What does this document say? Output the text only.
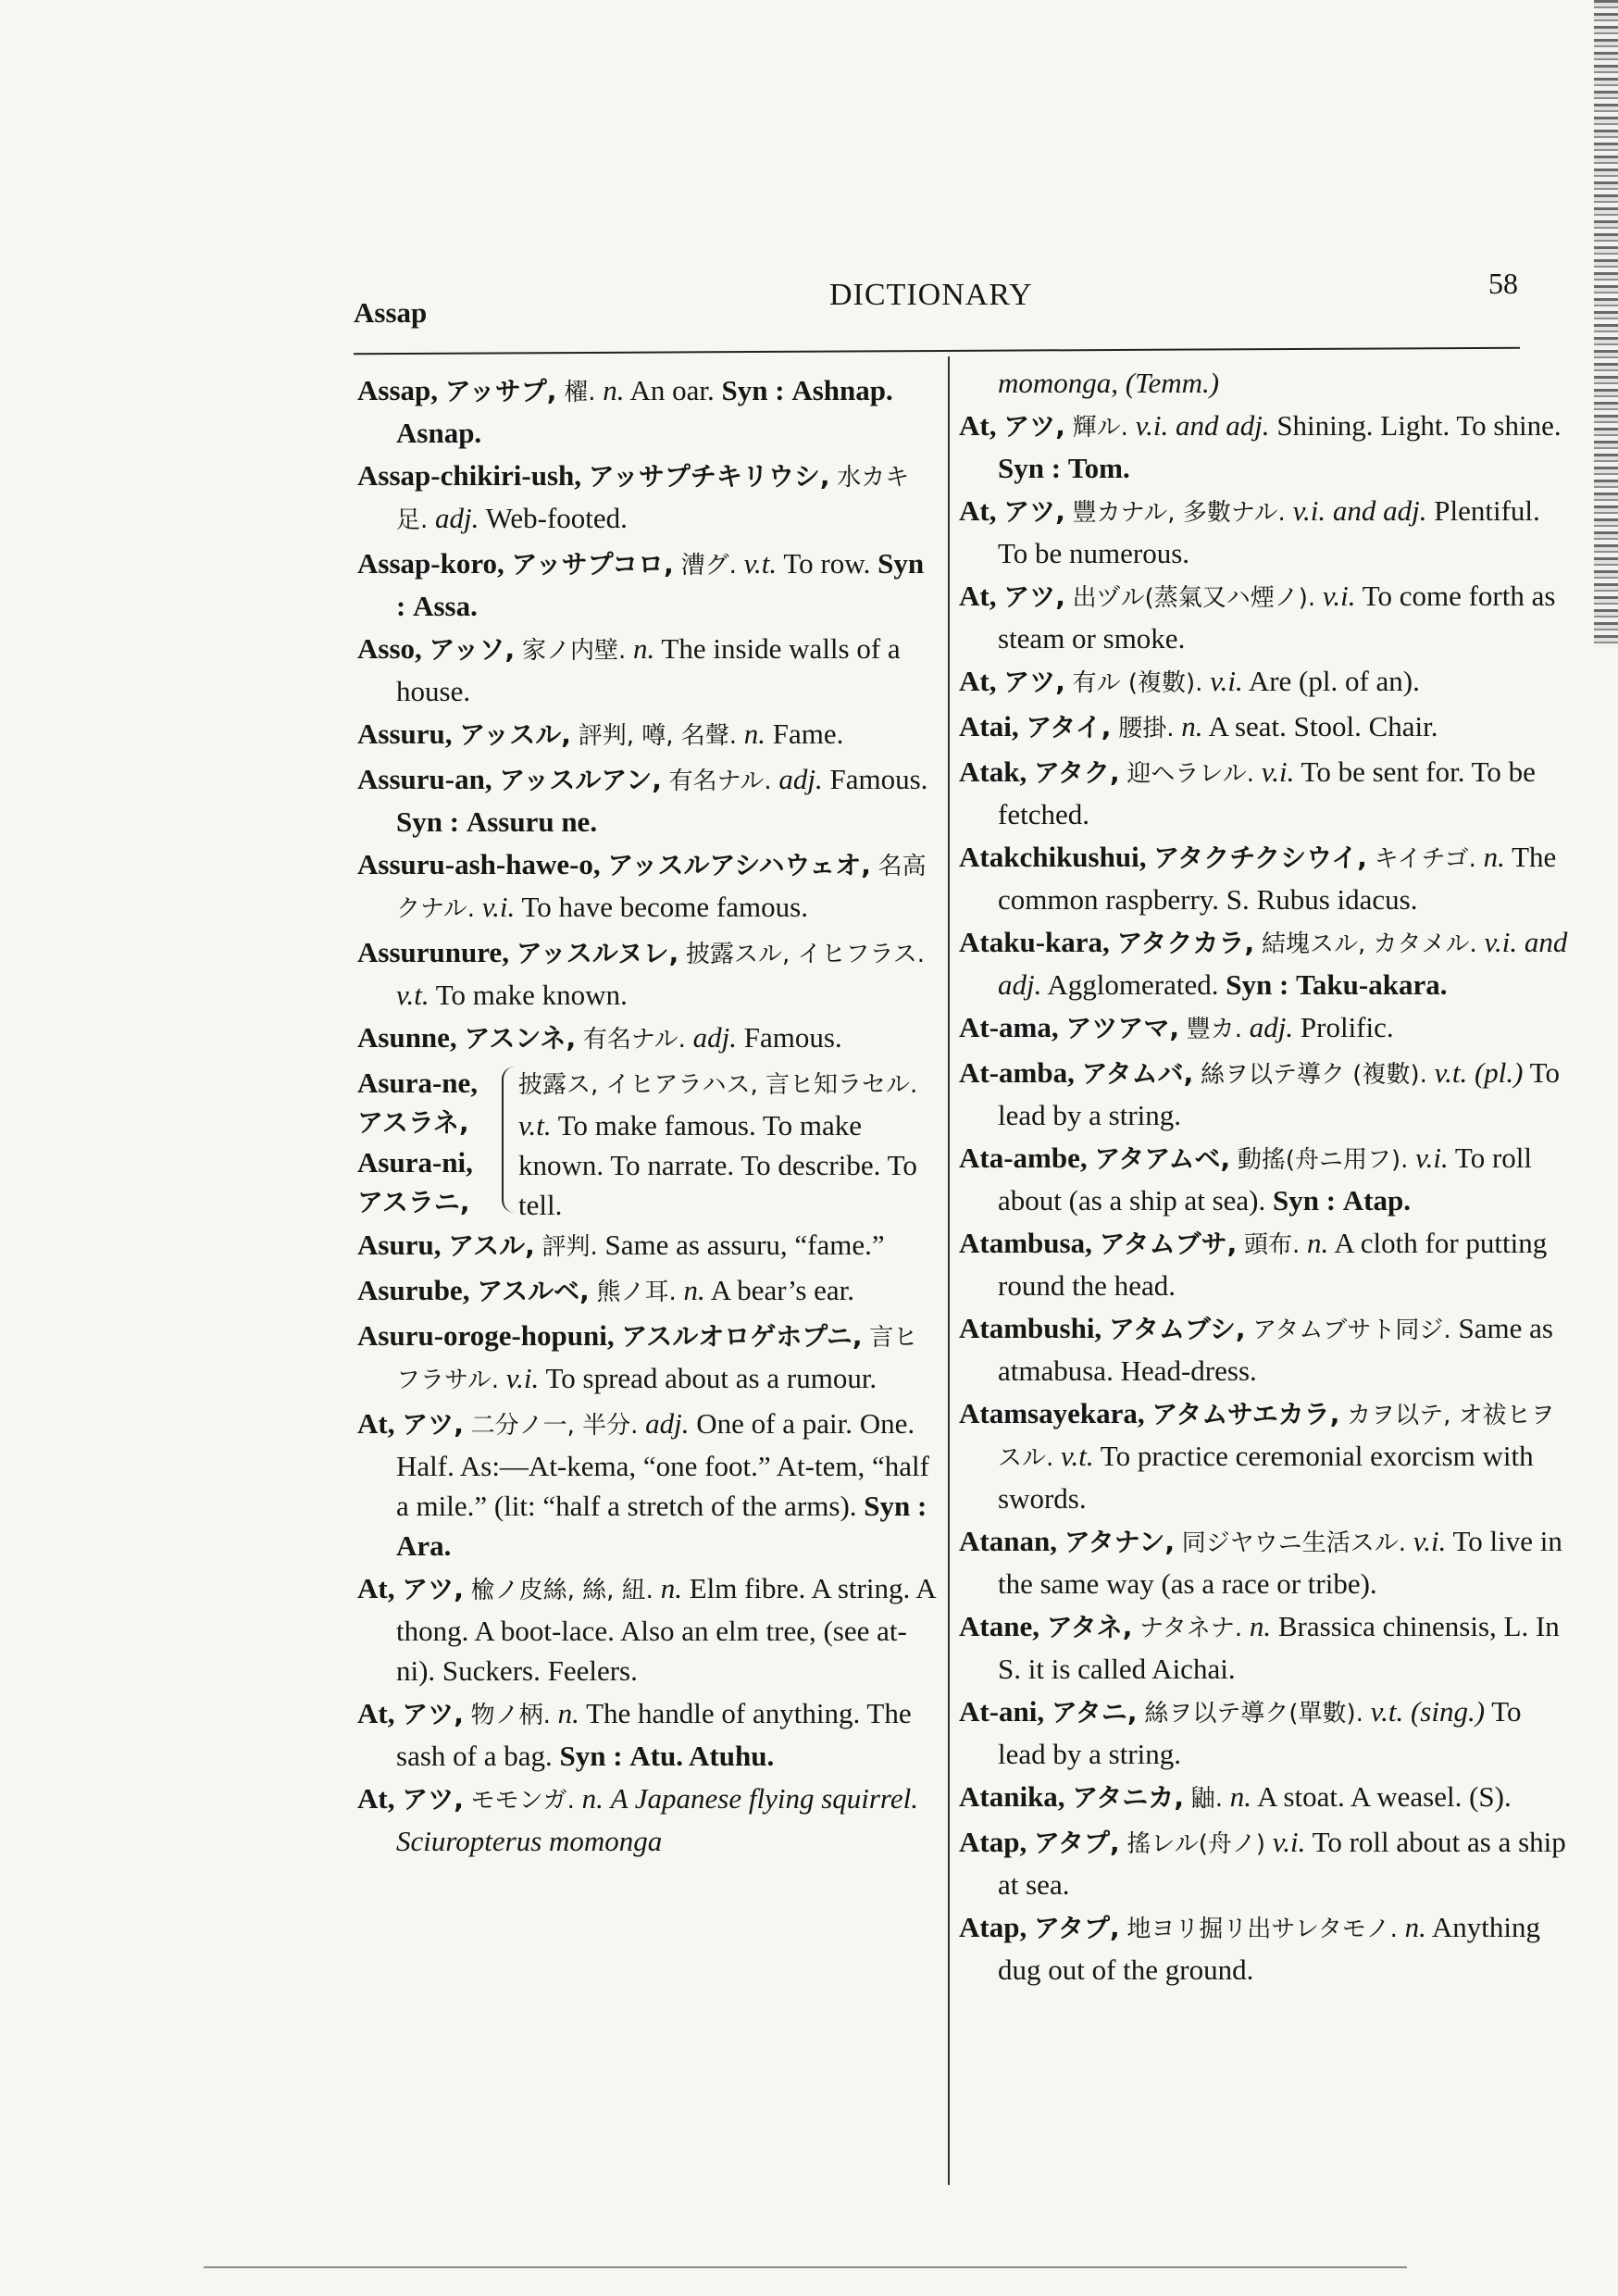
Assap
DICTIONARY	58
Assap, アッサプ, 櫂. n. An oar. Syn : Ashnap. Asnap.
Assap-chikiri-ush, アッサプチキリウシ, 水カキ足. adj. Web-footed.
Assap-koro, アッサプコロ, 漕グ. v.t. To row. Syn : Assa.
Asso, アッソ, 家ノ内壁. n. The inside walls of a house.
Assuru, アッスル, 評判, 噂, 名聲. n. Fame.
Assuru-an, アッスルアン, 有名ナル. adj. Famous. Syn : Assuru ne.
Assuru-ash-hawe-o, アッスルアシハウェオ, 名高クナル. v.i. To have become famous.
Assurunure, アッスルヌレ, 披露スル, イヒフラス. v.t. To make known.
Asunne, アスンネ, 有名ナル. adj. Famous.
Asura-ne,
アスラネ,
Asura-ni,
アスラニ,
披露ス, イヒアラハス, 言ヒ知ラセル. v.t. To make famous. To make known. To narrate. To describe. To tell.
Asuru, アスル, 評判. Same as assuru, “fame.”
Asurube, アスルベ, 熊ノ耳. n. A bear’s ear.
Asuru-oroge-hopuni, アスルオロゲホプニ, 言ヒフラサル. v.i. To spread about as a rumour.
At, アツ, 二分ノ一, 半分. adj. One of a pair. One. Half. As:—At-kema, “one foot.” At-tem, “half a mile.” (lit: “half a stretch of the arms). Syn : Ara.
At, アツ, 楡ノ皮絲, 絲, 紐. n. Elm fibre. A string. A thong. A boot-lace. Also an elm tree, (see at-ni). Suckers. Feelers.
At, アツ, 物ノ柄. n. The handle of anything. The sash of a bag. Syn : Atu. Atuhu.
At, アツ, モモンガ. n. A Japanese flying squirrel. Sciuropterus momonga
momonga, (Temm.)
At, アツ, 輝ル. v.i. and adj. Shining. Light. To shine. Syn : Tom.
At, アツ, 豐カナル, 多數ナル. v.i. and adj. Plentiful. To be numerous.
At, アツ, 出ヅル(蒸氣又ハ煙ノ). v.i. To come forth as steam or smoke.
At, アツ, 有ル (複數). v.i. Are (pl. of an).
Atai, アタイ, 腰掛. n. A seat. Stool. Chair.
Atak, アタク, 迎ヘラレル. v.i. To be sent for. To be fetched.
Atakchikushui, アタクチクシウイ, キイチゴ. n. The common raspberry. S. Rubus idacus.
Ataku-kara, アタクカラ, 結塊スル, カタメル. v.i. and adj. Agglomerated. Syn : Taku-akara.
At-ama, アツアマ, 豐カ. adj. Prolific.
At-amba, アタムバ, 絲ヲ以テ導ク (複數). v.t. (pl.) To lead by a string.
Ata-ambe, アタアムベ, 動搖(舟ニ用フ). v.i. To roll about (as a ship at sea). Syn : Atap.
Atambusa, アタムブサ, 頭布. n. A cloth for putting round the head.
Atambushi, アタムブシ, アタムブサト同ジ. Same as atmabusa. Head-dress.
Atamsayekara, アタムサエカラ, カヲ以テ, オ祓ヒヲスル. v.t. To practice ceremonial exorcism with swords.
Atanan, アタナン, 同ジヤウニ生活スル. v.i. To live in the same way (as a race or tribe).
Atane, アタネ, ナタネナ. n. Brassica chinensis, L. In S. it is called Aichai.
At-ani, アタニ, 絲ヲ以テ導ク(單數). v.t. (sing.) To lead by a string.
Atanika, アタニカ, 鼬. n. A stoat. A weasel. (S).
Atap, アタプ, 搖レル(舟ノ) v.i. To roll about as a ship at sea.
Atap, アタプ, 地ヨリ掘リ出サレタモノ. n. Anything dug out of the ground.
